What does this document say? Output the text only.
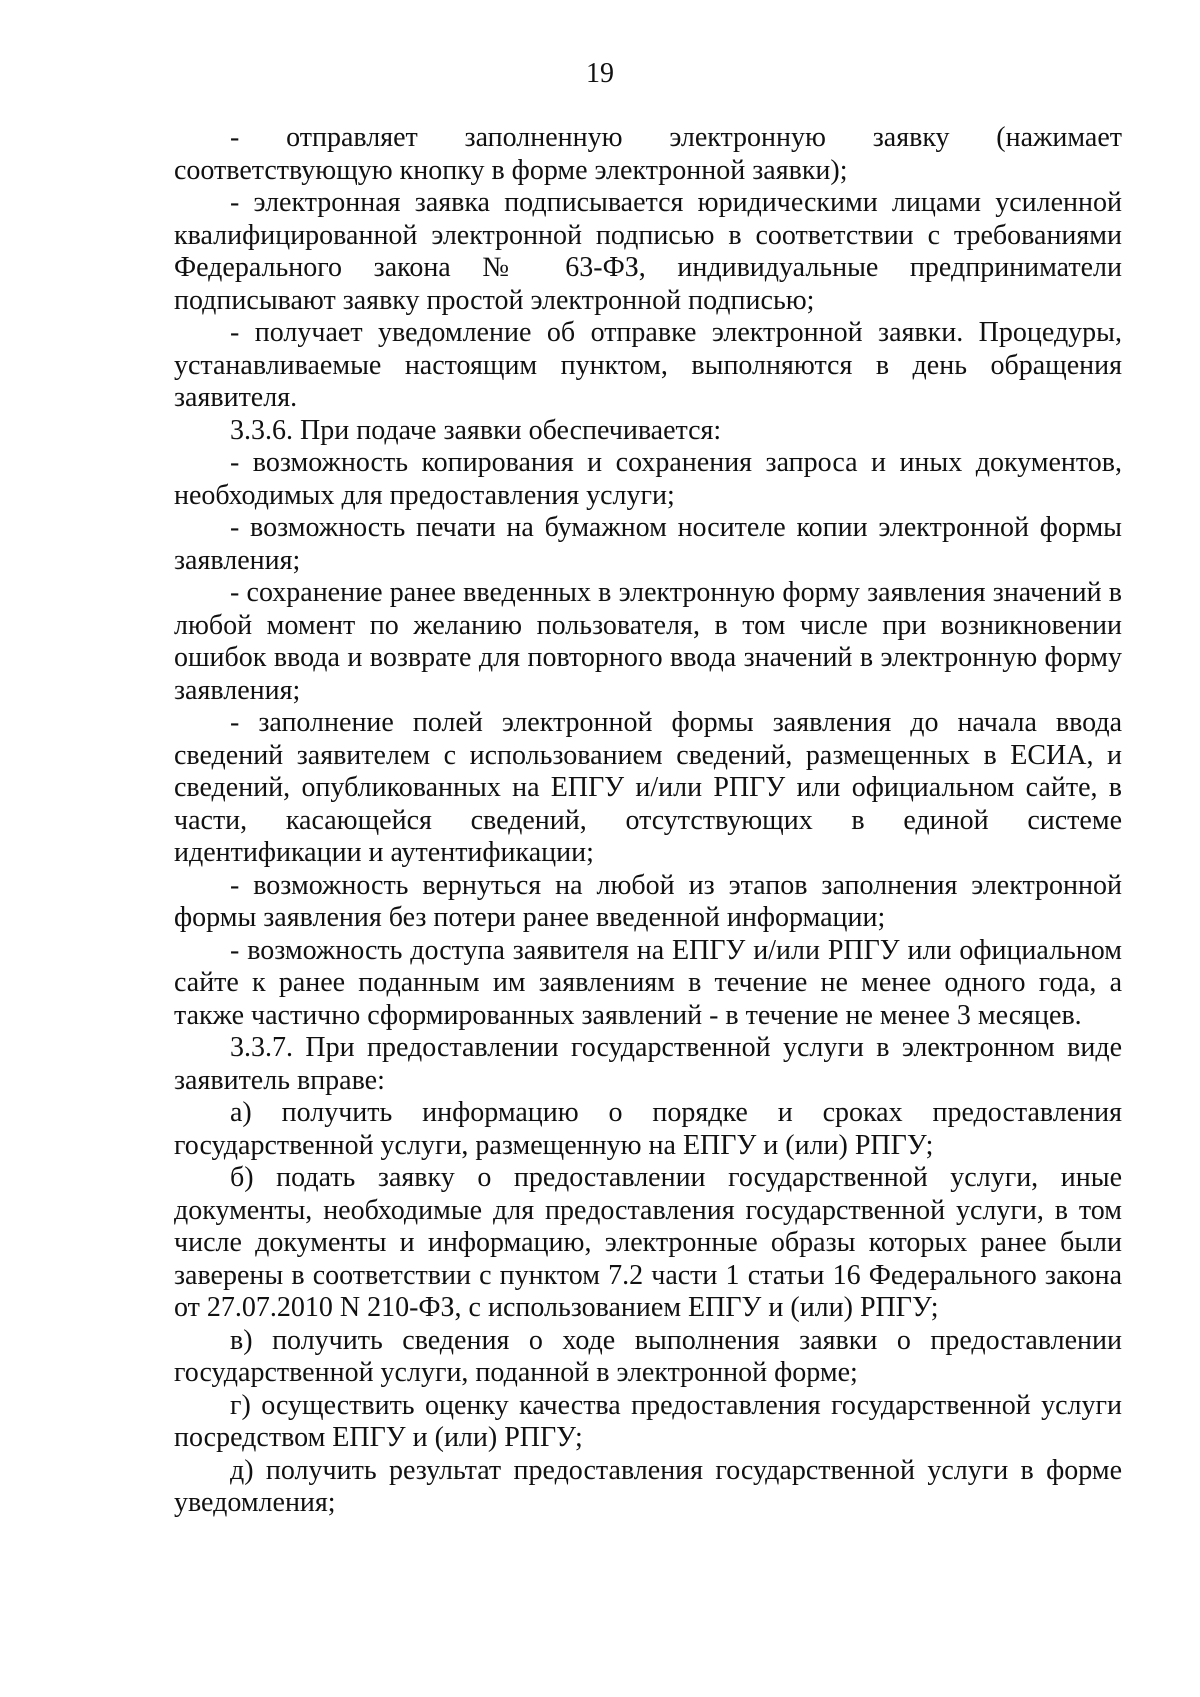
19

- отправляет заполненную электронную заявку (нажимает соответствующую кнопку в форме электронной заявки);

- электронная заявка подписывается юридическими лицами усиленной квалифицированной электронной подписью в соответствии с требованиями Федерального закона № 63-ФЗ, индивидуальные предприниматели подписывают заявку простой электронной подписью;

- получает уведомление об отправке электронной заявки. Процедуры, устанавливаемые настоящим пунктом, выполняются в день обращения заявителя.

3.3.6. При подаче заявки обеспечивается:

- возможность копирования и сохранения запроса и иных документов, необходимых для предоставления услуги;

- возможность печати на бумажном носителе копии электронной формы заявления;

- сохранение ранее введенных в электронную форму заявления значений в любой момент по желанию пользователя, в том числе при возникновении ошибок ввода и возврате для повторного ввода значений в электронную форму заявления;

- заполнение полей электронной формы заявления до начала ввода сведений заявителем с использованием сведений, размещенных в ЕСИА, и сведений, опубликованных на ЕПГУ и/или РПГУ или официальном сайте, в части, касающейся сведений, отсутствующих в единой системе идентификации и аутентификации;

- возможность вернуться на любой из этапов заполнения электронной формы заявления без потери ранее введенной информации;

- возможность доступа заявителя на ЕПГУ и/или РПГУ или официальном сайте к ранее поданным им заявлениям в течение не менее одного года, а также частично сформированных заявлений - в течение не менее 3 месяцев.

3.3.7. При предоставлении государственной услуги в электронном виде заявитель вправе:

а) получить информацию о порядке и сроках предоставления государственной услуги, размещенную на ЕПГУ и (или) РПГУ;

б) подать заявку о предоставлении государственной услуги, иные документы, необходимые для предоставления государственной услуги, в том числе документы и информацию, электронные образы которых ранее были заверены в соответствии с пунктом 7.2 части 1 статьи 16 Федерального закона от 27.07.2010 N 210-ФЗ, с использованием ЕПГУ и (или) РПГУ;

в) получить сведения о ходе выполнения заявки о предоставлении государственной услуги, поданной в электронной форме;

г) осуществить оценку качества предоставления государственной услуги посредством ЕПГУ и (или) РПГУ;

д) получить результат предоставления государственной услуги в форме уведомления;
